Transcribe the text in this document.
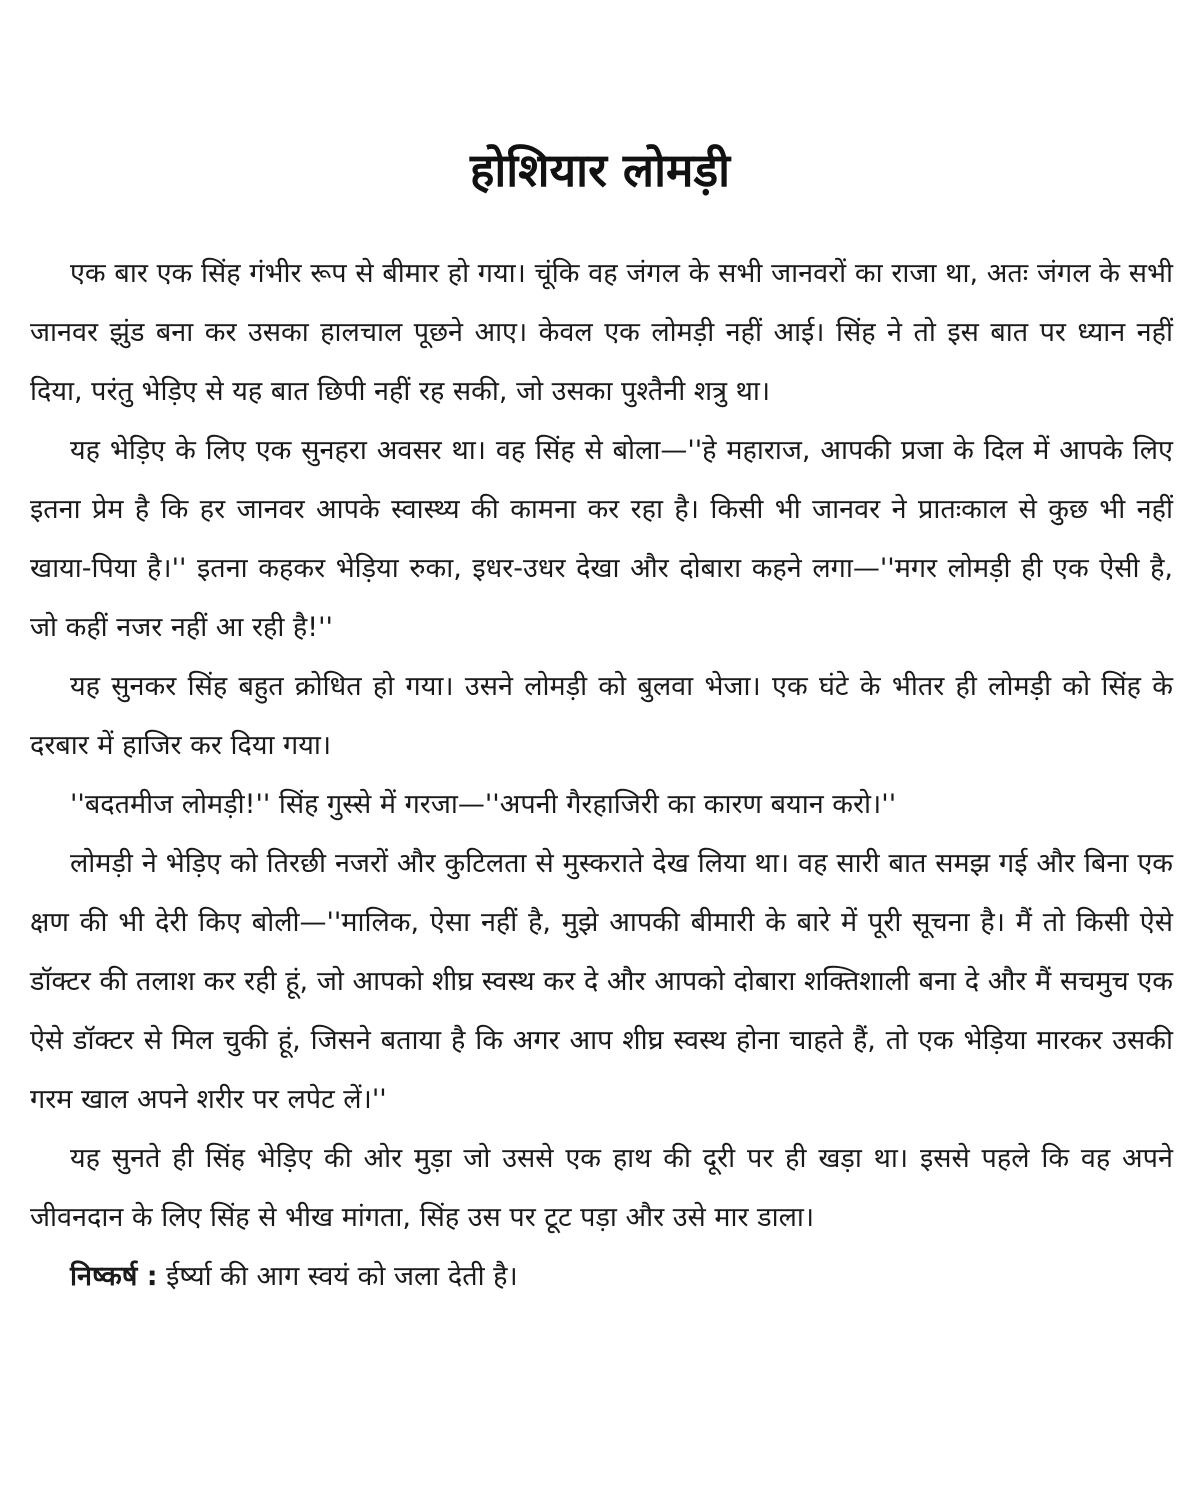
होशियार लोमड़ी

एक बार एक सिंह गंभीर रूप से बीमार हो गया। चूंकि वह जंगल के सभी जानवरों का राजा था, अतः जंगल के सभी जानवर झुंड बना कर उसका हालचाल पूछने आए। केवल एक लोमड़ी नहीं आई। सिंह ने तो इस बात पर ध्यान नहीं दिया, परंतु भेड़िए से यह बात छिपी नहीं रह सकी, जो उसका पुश्तैनी शत्रु था।

यह भेड़िए के लिए एक सुनहरा अवसर था। वह सिंह से बोला—''हे महाराज, आपकी प्रजा के दिल में आपके लिए इतना प्रेम है कि हर जानवर आपके स्वास्थ्य की कामना कर रहा है। किसी भी जानवर ने प्रातःकाल से कुछ भी नहीं खाया-पिया है।'' इतना कहकर भेड़िया रुका, इधर-उधर देखा और दोबारा कहने लगा—''मगर लोमड़ी ही एक ऐसी है, जो कहीं नजर नहीं आ रही है!''

यह सुनकर सिंह बहुत क्रोधित हो गया। उसने लोमड़ी को बुलवा भेजा। एक घंटे के भीतर ही लोमड़ी को सिंह के दरबार में हाजिर कर दिया गया।

''बदतमीज लोमड़ी!'' सिंह गुस्से में गरजा—''अपनी गैरहाजिरी का कारण बयान करो।''

लोमड़ी ने भेड़िए को तिरछी नजरों और कुटिलता से मुस्कराते देख लिया था। वह सारी बात समझ गई और बिना एक क्षण की भी देरी किए बोली—''मालिक, ऐसा नहीं है, मुझे आपकी बीमारी के बारे में पूरी सूचना है। मैं तो किसी ऐसे डॉक्टर की तलाश कर रही हूं, जो आपको शीघ्र स्वस्थ कर दे और आपको दोबारा शक्तिशाली बना दे और मैं सचमुच एक ऐसे डॉक्टर से मिल चुकी हूं, जिसने बताया है कि अगर आप शीघ्र स्वस्थ होना चाहते हैं, तो एक भेड़िया मारकर उसकी गरम खाल अपने शरीर पर लपेट लें।''

यह सुनते ही सिंह भेड़िए की ओर मुड़ा जो उससे एक हाथ की दूरी पर ही खड़ा था। इससे पहले कि वह अपने जीवनदान के लिए सिंह से भीख मांगता, सिंह उस पर टूट पड़ा और उसे मार डाला।

निष्कर्ष : ईर्ष्या की आग स्वयं को जला देती है।
